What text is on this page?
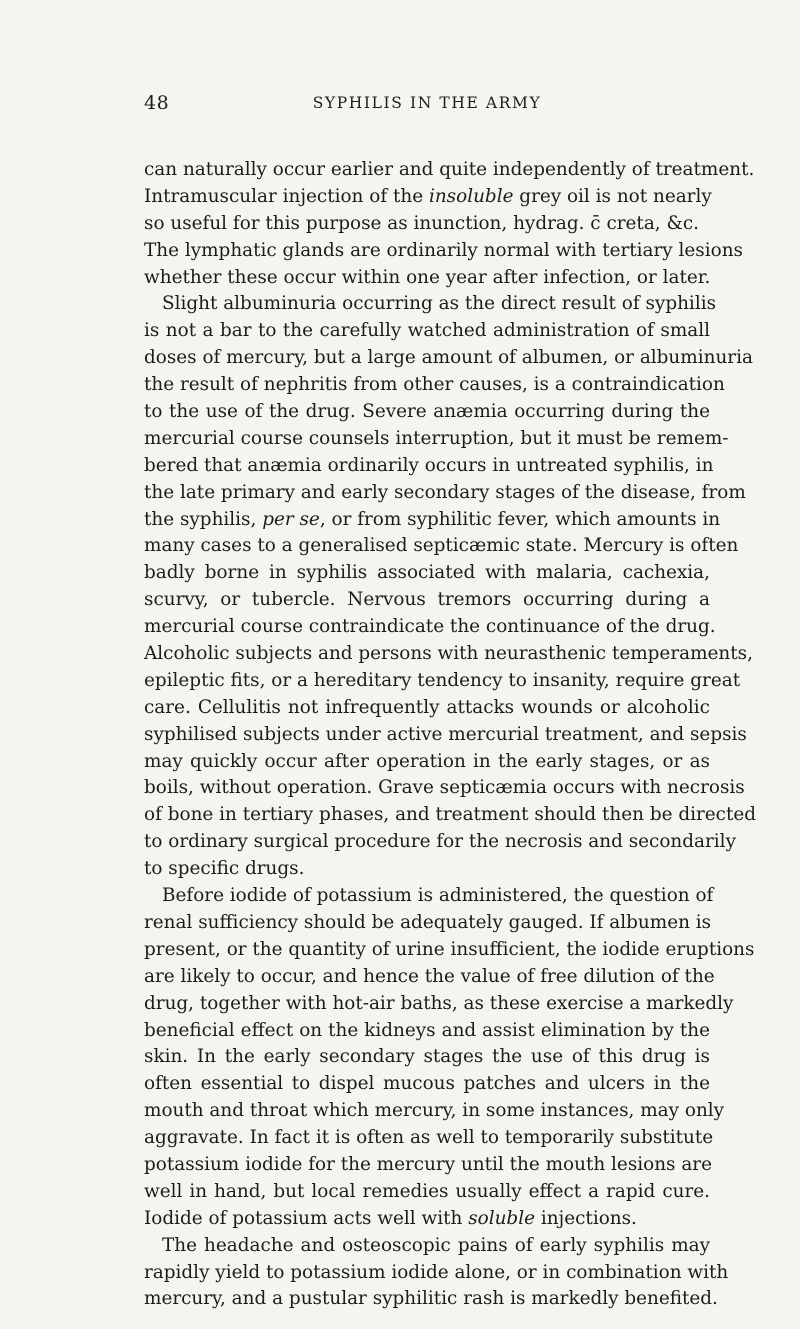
48	SYPHILIS IN THE ARMY
can naturally occur earlier and quite independently of treatment.
Intramuscular injection of the insoluble grey oil is not nearly
so useful for this purpose as inunction, hydrag. c̄ creta, &c.
The lymphatic glands are ordinarily normal with tertiary lesions
whether these occur within one year after infection, or later.
Slight albuminuria occurring as the direct result of syphilis
is not a bar to the carefully watched administration of small
doses of mercury, but a large amount of albumen, or albuminuria
the result of nephritis from other causes, is a contraindication
to the use of the drug. Severe anæmia occurring during the
mercurial course counsels interruption, but it must be remem-
bered that anæmia ordinarily occurs in untreated syphilis, in
the late primary and early secondary stages of the disease, from
the syphilis, per se, or from syphilitic fever, which amounts in
many cases to a generalised septicæmic state. Mercury is often
badly borne in syphilis associated with malaria, cachexia,
scurvy, or tubercle. Nervous tremors occurring during a
mercurial course contraindicate the continuance of the drug.
Alcoholic subjects and persons with neurasthenic temperaments,
epileptic fits, or a hereditary tendency to insanity, require great
care. Cellulitis not infrequently attacks wounds or alcoholic
syphilised subjects under active mercurial treatment, and sepsis
may quickly occur after operation in the early stages, or as
boils, without operation. Grave septicæmia occurs with necrosis
of bone in tertiary phases, and treatment should then be directed
to ordinary surgical procedure for the necrosis and secondarily
to specific drugs.
Before iodide of potassium is administered, the question of
renal sufficiency should be adequately gauged. If albumen is
present, or the quantity of urine insufficient, the iodide eruptions
are likely to occur, and hence the value of free dilution of the
drug, together with hot-air baths, as these exercise a markedly
beneficial effect on the kidneys and assist elimination by the
skin. In the early secondary stages the use of this drug is
often essential to dispel mucous patches and ulcers in the
mouth and throat which mercury, in some instances, may only
aggravate. In fact it is often as well to temporarily substitute
potassium iodide for the mercury until the mouth lesions are
well in hand, but local remedies usually effect a rapid cure.
Iodide of potassium acts well with soluble injections.
The headache and osteoscopic pains of early syphilis may
rapidly yield to potassium iodide alone, or in combination with
mercury, and a pustular syphilitic rash is markedly benefited.
